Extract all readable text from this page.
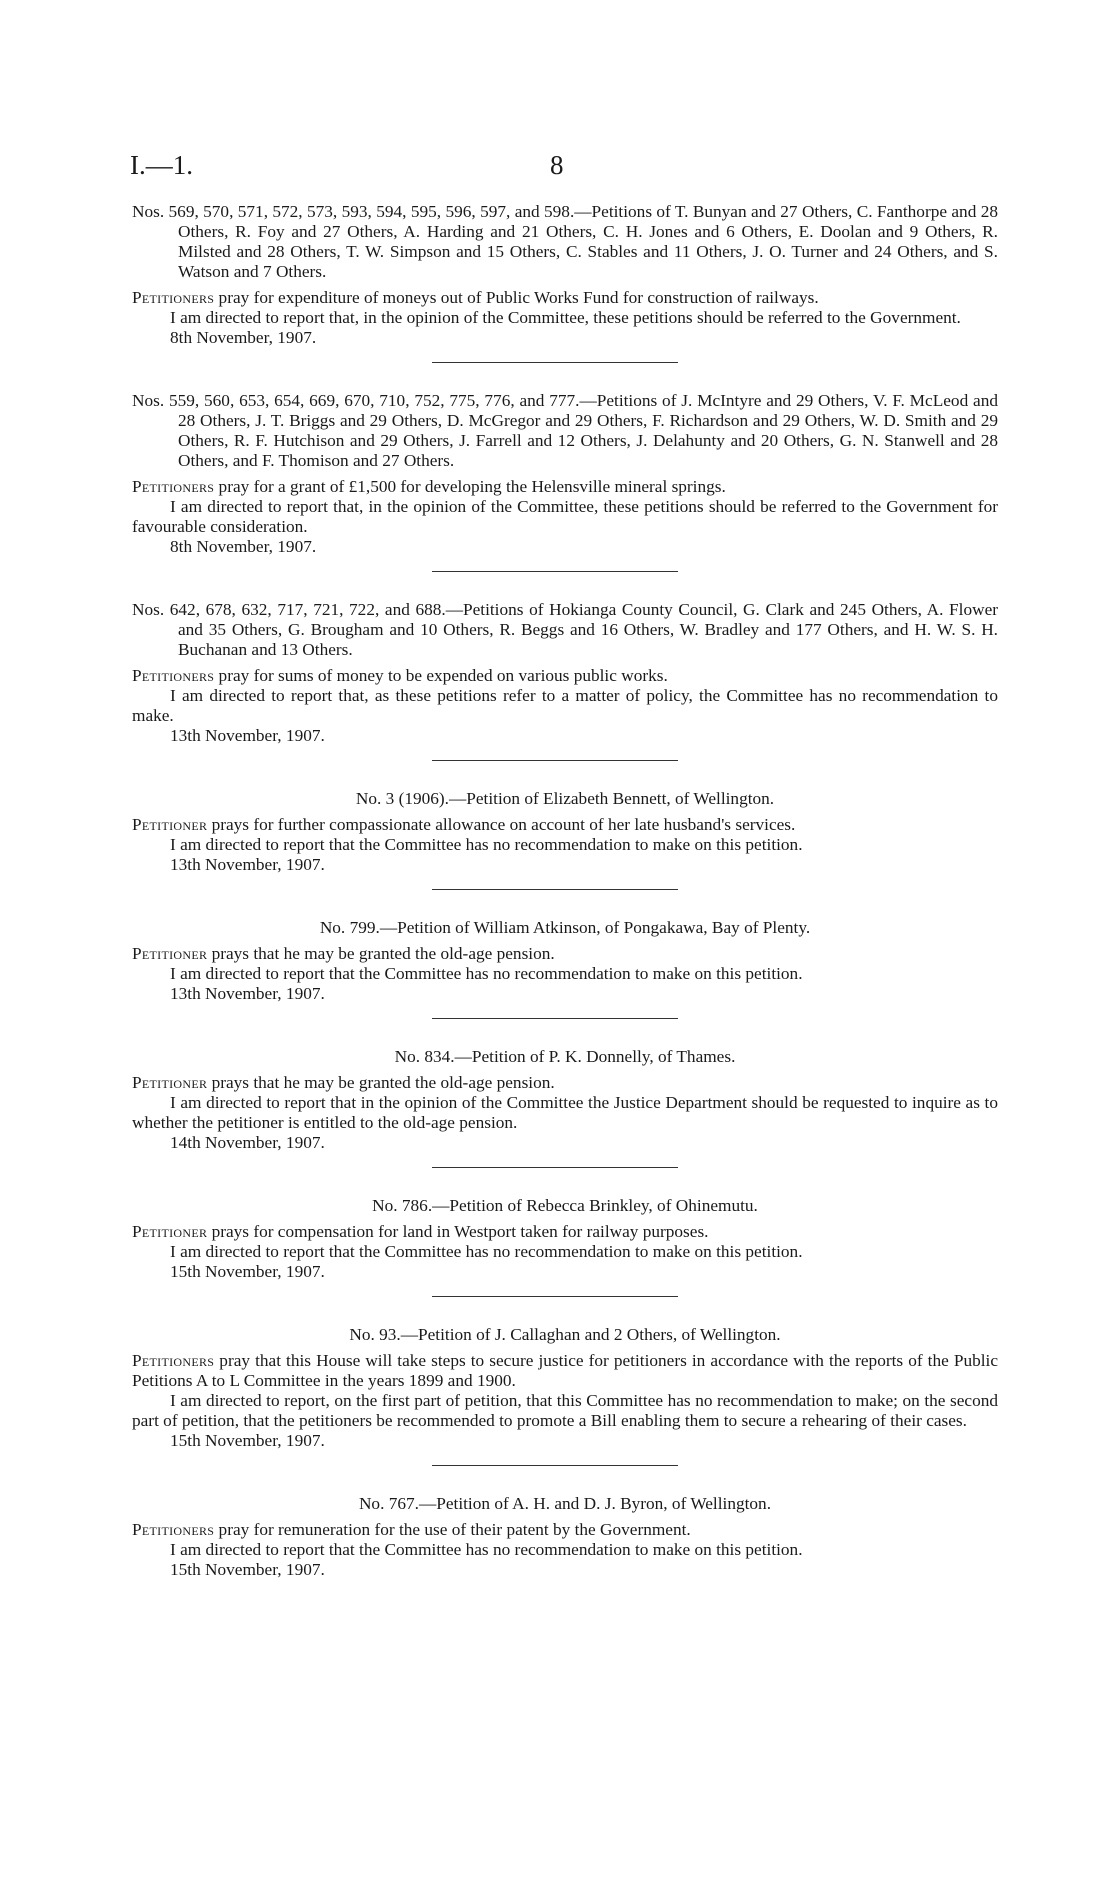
I.—1.	8

Nos. 569, 570, 571, 572, 573, 593, 594, 595, 596, 597, and 598.—Petitions of T. Bunyan and 27 Others, C. Fanthorpe and 28 Others, R. Foy and 27 Others, A. Harding and 21 Others, C. H. Jones and 6 Others, E. Doolan and 9 Others, R. Milsted and 28 Others, T. W. Simpson and 15 Others, C. Stables and 11 Others, J. O. Turner and 24 Others, and S. Watson and 7 Others.

Petitioners pray for expenditure of moneys out of Public Works Fund for construction of railways.

I am directed to report that, in the opinion of the Committee, these petitions should be referred to the Government.

8th November, 1907.

Nos. 559, 560, 653, 654, 669, 670, 710, 752, 775, 776, and 777.—Petitions of J. McIntyre and 29 Others, V. F. McLeod and 28 Others, J. T. Briggs and 29 Others, D. McGregor and 29 Others, F. Richardson and 29 Others, W. D. Smith and 29 Others, R. F. Hutchison and 29 Others, J. Farrell and 12 Others, J. Delahunty and 20 Others, G. N. Stanwell and 28 Others, and F. Thomison and 27 Others.

Petitioners pray for a grant of £1,500 for developing the Helensville mineral springs.

I am directed to report that, in the opinion of the Committee, these petitions should be referred to the Government for favourable consideration.

8th November, 1907.

Nos. 642, 678, 632, 717, 721, 722, and 688.—Petitions of Hokianga County Council, G. Clark and 245 Others, A. Flower and 35 Others, G. Brougham and 10 Others, R. Beggs and 16 Others, W. Bradley and 177 Others, and H. W. S. H. Buchanan and 13 Others.

Petitioners pray for sums of money to be expended on various public works.

I am directed to report that, as these petitions refer to a matter of policy, the Committee has no recommendation to make.

13th November, 1907.

No. 3 (1906).—Petition of Elizabeth Bennett, of Wellington.

Petitioner prays for further compassionate allowance on account of her late husband's services.

I am directed to report that the Committee has no recommendation to make on this petition.

13th November, 1907.

No. 799.—Petition of William Atkinson, of Pongakawa, Bay of Plenty.

Petitioner prays that he may be granted the old-age pension.

I am directed to report that the Committee has no recommendation to make on this petition.

13th November, 1907.

No. 834.—Petition of P. K. Donnelly, of Thames.

Petitioner prays that he may be granted the old-age pension.

I am directed to report that in the opinion of the Committee the Justice Department should be requested to inquire as to whether the petitioner is entitled to the old-age pension.

14th November, 1907.

No. 786.—Petition of Rebecca Brinkley, of Ohinemutu.

Petitioner prays for compensation for land in Westport taken for railway purposes.

I am directed to report that the Committee has no recommendation to make on this petition.

15th November, 1907.

No. 93.—Petition of J. Callaghan and 2 Others, of Wellington.

Petitioners pray that this House will take steps to secure justice for petitioners in accordance with the reports of the Public Petitions A to L Committee in the years 1899 and 1900.

I am directed to report, on the first part of petition, that this Committee has no recommendation to make; on the second part of petition, that the petitioners be recommended to promote a Bill enabling them to secure a rehearing of their cases.

15th November, 1907.

No. 767.—Petition of A. H. and D. J. Byron, of Wellington.

Petitioners pray for remuneration for the use of their patent by the Government.

I am directed to report that the Committee has no recommendation to make on this petition.

15th November, 1907.
